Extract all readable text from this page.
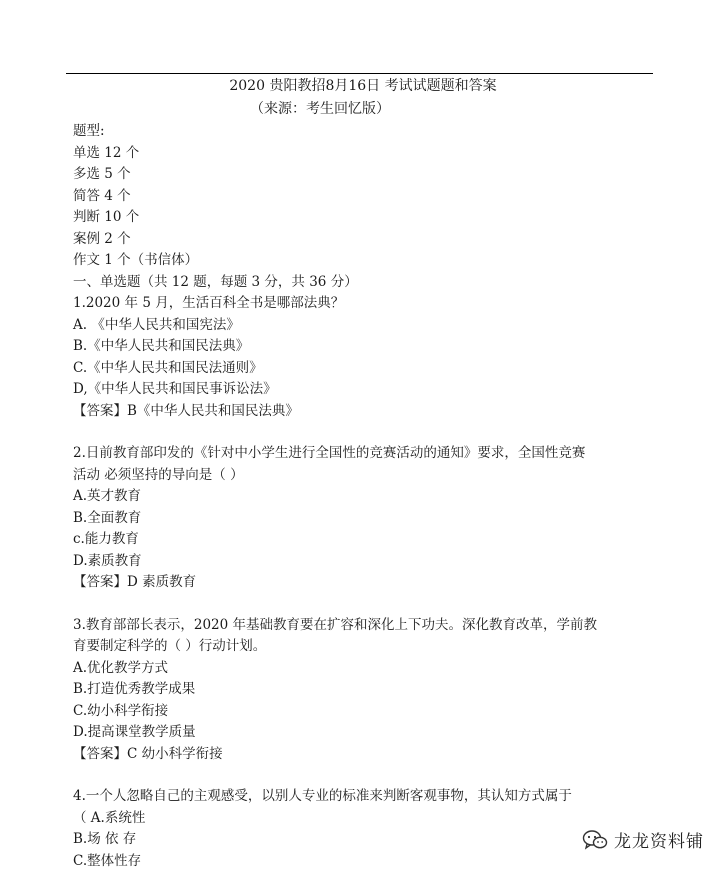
2020 贵阳教招8月16日 考试试题题和答案
（来源：考生回忆版）
题型:
单选 12 个
多选 5 个
简答 4 个
判断 10 个
案例 2 个
作文 1 个（书信体）
一、单选题（共 12 题，每题 3 分，共 36 分）
1.2020 年 5 月，生活百科全书是哪部法典？
A. 《中华人民共和国宪法》
B.《中华人民共和国民法典》
C.《中华人民共和国民法通则》
D,《中华人民共和国民事诉讼法》
【答案】B《中华人民共和国民法典》
2.日前教育部印发的《针对中小学生进行全国性的竞赛活动的通知》要求，全国性竞赛
活动 必须坚持的导向是（ ）
A.英才教育
B.全面教育
c.能力教育
D.素质教育
【答案】D 素质教育
3.教育部部长表示，2020 年基础教育要在扩容和深化上下功夫。深化教育改革，学前教
育要制定科学的（ ）行动计划。
A.优化教学方式
B.打造优秀教学成果
C.幼小科学衔接
D.提高课堂教学质量
【答案】C 幼小科学衔接
4.一个人忽略自己的主观感受，以别人专业的标准来判断客观事物，其认知方式属于
（ A.系统性
B.场 依 存
C.整体性存
龙龙资料铺
